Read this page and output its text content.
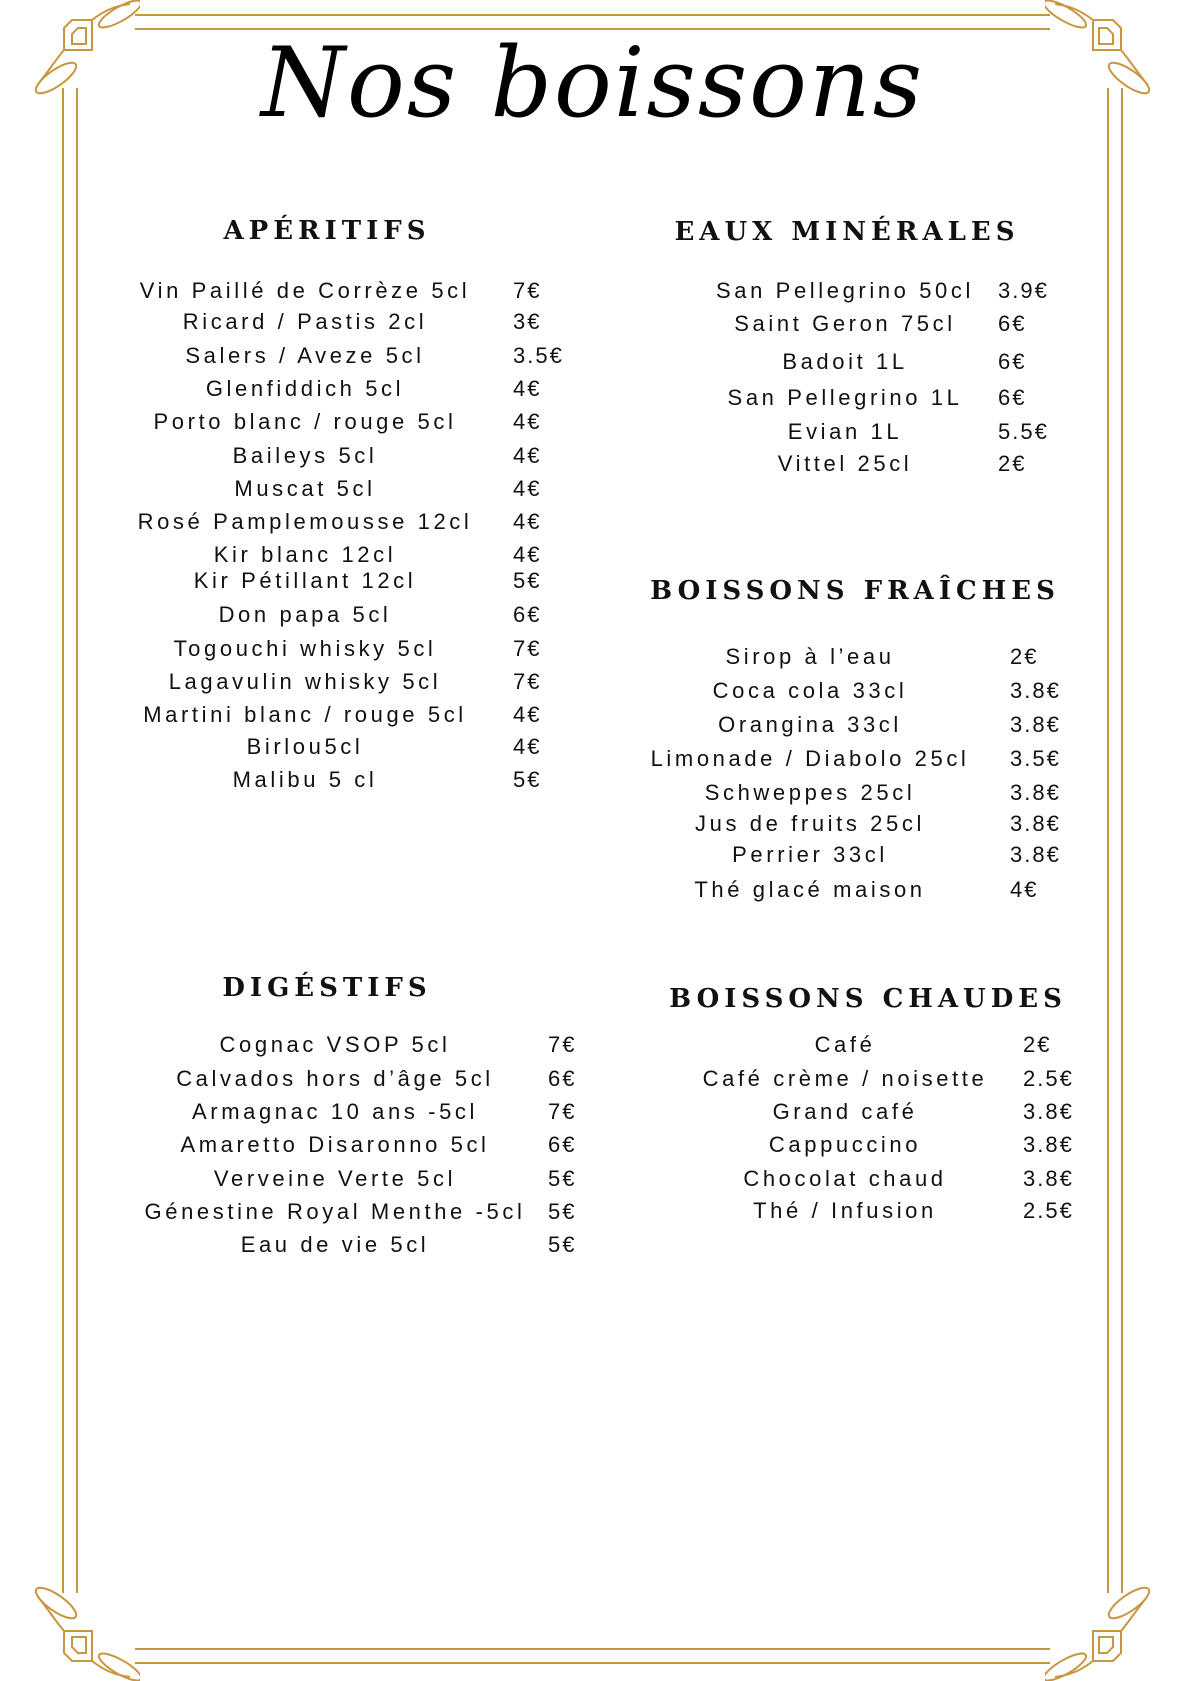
Nos boissons
APÉRITIFS
Vin Paillé de Corrèze 5cl 7€
Ricard / Pastis 2cl	3€
Salers / Aveze 5cl	3.5€
Glenfiddich 5cl	4€
Porto blanc / rouge 5cl	4€
Baileys 5cl	4€
Muscat 5cl	4€
Rosé Pamplemousse 12cl 4€
Kir blanc 12cl	4€
Kir Pétillant 12cl	5€
Don papa 5cl	6€
Togouchi whisky 5cl	7€
Lagavulin whisky 5cl	7€
Martini blanc / rouge 5cl 4€
Birlou5cl	4€
Malibu 5 cl	5€
EAUX MINÉRALES
San Pellegrino 50cl 3.9€
Saint Geron 75cl 6€
Badoit 1L	6€
San Pellegrino 1L 6€
Evian 1L	5.5€
Vittel 25cl	2€
BOISSONS FRAÎCHES
Sirop à l’eau	2€
Coca cola 33cl	3.8€
Orangina 33cl	3.8€
Limonade / Diabolo 25cl 3.5€
Schweppes 25cl	3.8€
Jus de fruits 25cl	3.8€
Perrier 33cl	3.8€
Thé glacé maison	4€
DIGÉSTIFS
Cognac VSOP 5cl	7€
Calvados hors d’âge 5cl 6€
Armagnac 10 ans -5cl	7€
Amaretto Disaronno 5cl	6€
Verveine Verte 5cl	5€
Génestine Royal Menthe -5cl 5€
Eau de vie 5cl	5€
BOISSONS CHAUDES
Café	2€
Café crème / noisette 2.5€
Grand café	3.8€
Cappuccino	3.8€
Chocolat chaud	3.8€
Thé / Infusion	2.5€
